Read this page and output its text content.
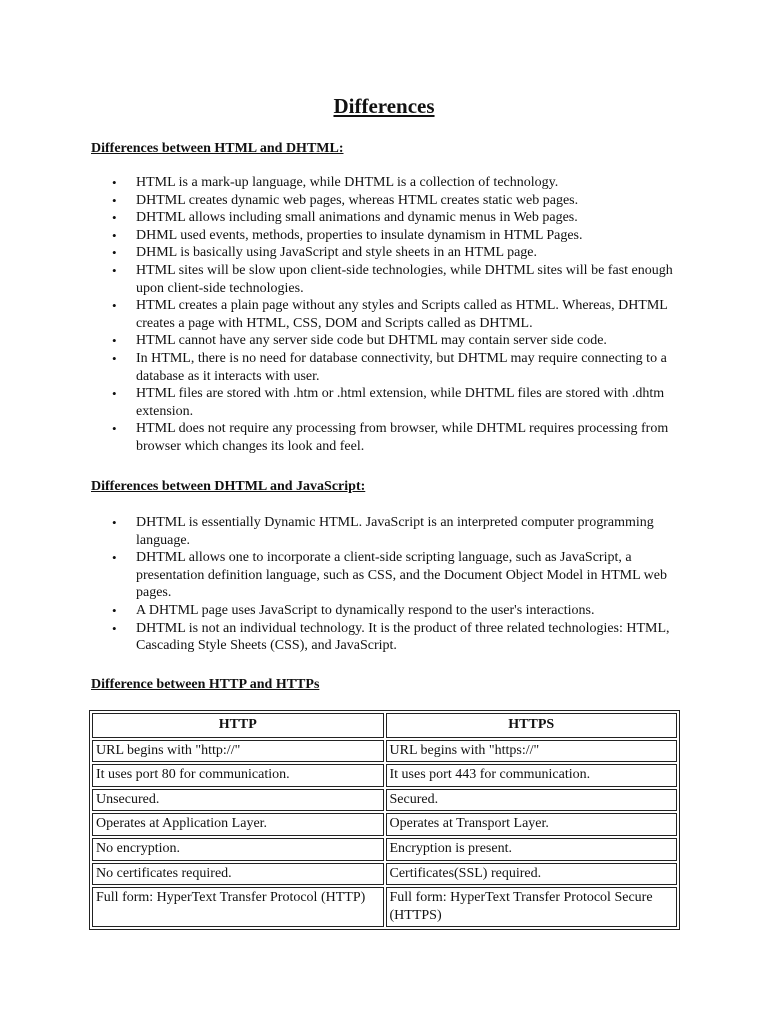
Differences
Differences between HTML and DHTML:
• HTML is a mark-up language, while DHTML is a collection of technology.
• DHTML creates dynamic web pages, whereas HTML creates static web pages.
• DHTML allows including small animations and dynamic menus in Web pages.
• DHML used events, methods, properties to insulate dynamism in HTML Pages.
• DHML is basically using JavaScript and style sheets in an HTML page.
• HTML sites will be slow upon client-side technologies, while DHTML sites will be fast enough upon client-side technologies.
• HTML creates a plain page without any styles and Scripts called as HTML. Whereas, DHTML creates a page with HTML, CSS, DOM and Scripts called as DHTML.
• HTML cannot have any server side code but DHTML may contain server side code.
• In HTML, there is no need for database connectivity, but DHTML may require connecting to a database as it interacts with user.
• HTML files are stored with .htm or .html extension, while DHTML files are stored with .dhtm extension.
• HTML does not require any processing from browser, while DHTML requires processing from browser which changes its look and feel.
Differences between DHTML and JavaScript:
• DHTML is essentially Dynamic HTML. JavaScript is an interpreted computer programming language.
• DHTML allows one to incorporate a client-side scripting language, such as JavaScript, a presentation definition language, such as CSS, and the Document Object Model in HTML web pages.
• A DHTML page uses JavaScript to dynamically respond to the user's interactions.
• DHTML is not an individual technology. It is the product of three related technologies: HTML, Cascading Style Sheets (CSS), and JavaScript.
Difference between HTTP and HTTPs
HTTP	HTTPS
URL begins with "http://"	URL begins with "https://"
It uses port 80 for communication.	It uses port 443 for communication.
Unsecured.	Secured.
Operates at Application Layer.	Operates at Transport Layer.
No encryption.	Encryption is present.
No certificates required.	Certificates(SSL) required.
Full form: HyperText Transfer Protocol (HTTP)	Full form: HyperText Transfer Protocol Secure (HTTPS)
